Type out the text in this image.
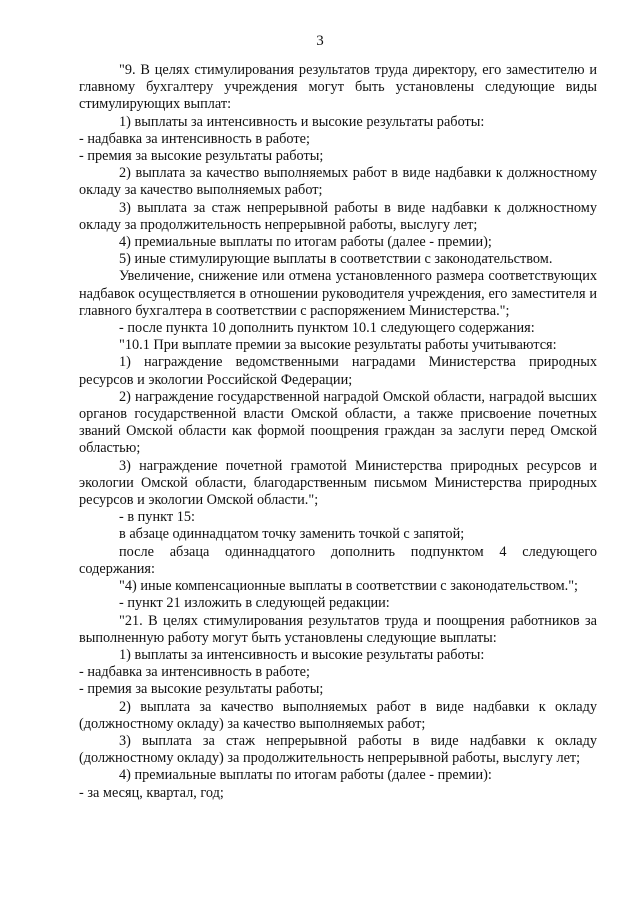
3

"9. В целях стимулирования результатов труда директору, его заместителю и главному бухгалтеру учреждения могут быть установлены следующие виды стимулирующих выплат:

1) выплаты за интенсивность и высокие результаты работы:

- надбавка за интенсивность в работе;

- премия за высокие результаты работы;

2) выплата за качество выполняемых работ в виде надбавки к должностному окладу за качество выполняемых работ;

3) выплата за стаж непрерывной работы в виде надбавки к должностному окладу за продолжительность непрерывной работы, выслугу лет;

4) премиальные выплаты по итогам работы (далее - премии);

5) иные стимулирующие выплаты в соответствии с законодательством.

Увеличение, снижение или отмена установленного размера соответствующих надбавок осуществляется в отношении руководителя учреждения, его заместителя и главного бухгалтера в соответствии с распоряжением Министерства.";

- после пункта 10 дополнить пунктом 10.1 следующего содержания:

"10.1 При выплате премии за высокие результаты работы учитываются:

1) награждение ведомственными наградами Министерства природных ресурсов и экологии Российской Федерации;

2) награждение государственной наградой Омской области, наградой высших органов государственной власти Омской области, а также присвоение почетных званий Омской области как формой поощрения граждан за заслуги перед Омской областью;

3) награждение почетной грамотой Министерства природных ресурсов и экологии Омской области, благодарственным письмом Министерства природных ресурсов и экологии Омской области.";

- в пункт 15:

в абзаце одиннадцатом точку заменить точкой с запятой;

после абзаца одиннадцатого дополнить подпунктом 4 следующего содержания:

"4) иные компенсационные выплаты в соответствии с законодательством.";

- пункт 21 изложить в следующей редакции:

"21. В целях стимулирования результатов труда и поощрения работников за выполненную работу могут быть установлены следующие выплаты:

1) выплаты за интенсивность и высокие результаты работы:

- надбавка за интенсивность в работе;

- премия за высокие результаты работы;

2) выплата за качество выполняемых работ в виде надбавки к окладу (должностному окладу) за качество выполняемых работ;

3) выплата за стаж непрерывной работы в виде надбавки к окладу (должностному окладу) за продолжительность непрерывной работы, выслугу лет;

4) премиальные выплаты по итогам работы (далее - премии):

- за месяц, квартал, год;
